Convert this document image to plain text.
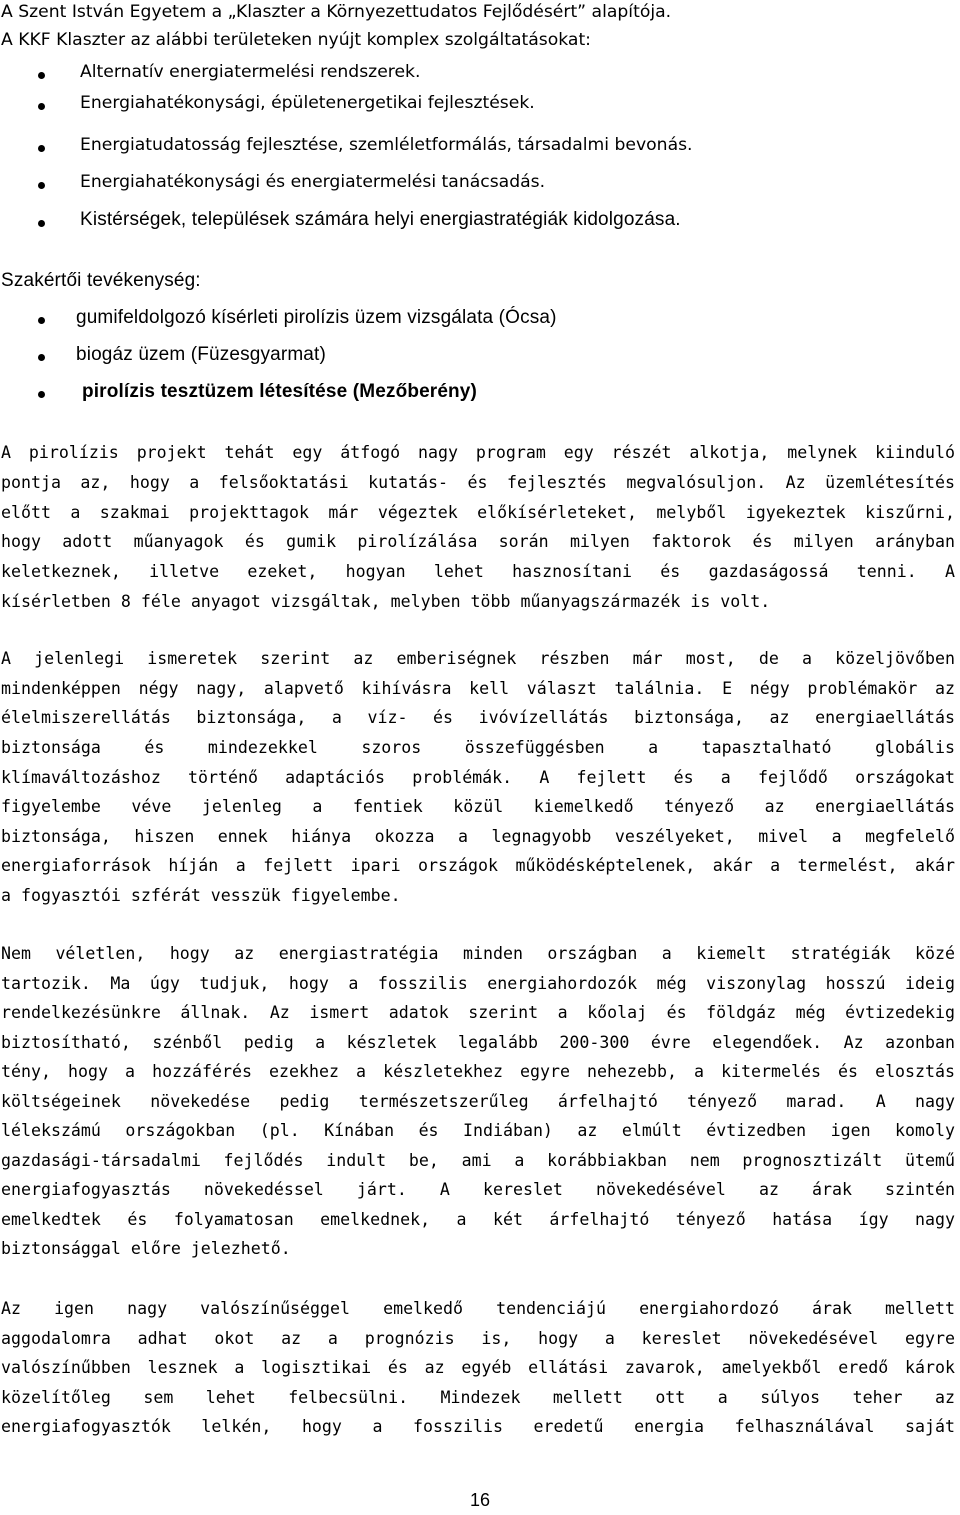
A Szent István Egyetem a „Klaszter a Környezettudatos Fejlődésért” alapítója.
A KKF Klaszter az alábbi területeken nyújt komplex szolgáltatásokat:
Alternatív energiatermelési rendszerek.
Energiahatékonysági, épületenergetikai fejlesztések.
Energiatudatosság fejlesztése, szemléletformálás, társadalmi bevonás.
Energiahatékonysági és energiatermelési tanácsadás.
Kistérségek, települések számára helyi energiastratégiák kidolgozása.
Szakértői tevékenység:
gumifeldolgozó kísérleti pirolízis üzem vizsgálata (Ócsa)
biogáz üzem (Füzesgyarmat)
pirolízis tesztüzem létesítése (Mezőberény)
A pirolízis projekt tehát egy átfogó nagy program egy részét alkotja, melynek kiinduló
pontja az, hogy a felsőoktatási kutatás- és fejlesztés megvalósuljon. Az üzemlétesítés
előtt a szakmai projekttagok már végeztek előkísérleteket, melyből igyekeztek kiszűrni,
hogy adott műanyagok és gumik pirolízálása során milyen faktorok és milyen arányban
keletkeznek, illetve ezeket, hogyan lehet hasznosítani és gazdaságossá tenni. A
kísérletben 8 féle anyagot vizsgáltak, melyben több műanyagszármazék is volt.
A jelenlegi ismeretek szerint az emberiségnek részben már most, de a közeljövőben
mindenképpen négy nagy, alapvető kihívásra kell választ találnia. E négy problémakör az
élelmiszerellátás biztonsága, a víz- és ivóvízellátás biztonsága, az energiaellátás
biztonsága és mindezekkel szoros összefüggésben a tapasztalható globális
klímaváltozáshoz történő adaptációs problémák. A fejlett és a fejlődő országokat
figyelembe véve jelenleg a fentiek közül kiemelkedő tényező az energiaellátás
biztonsága, hiszen ennek hiánya okozza a legnagyobb veszélyeket, mivel a megfelelő
energiaforrások híján a fejlett ipari országok működésképtelenek, akár a termelést, akár
a fogyasztói szférát vesszük figyelembe.
Nem véletlen, hogy az energiastratégia minden országban a kiemelt stratégiák közé
tartozik. Ma úgy tudjuk, hogy a fosszilis energiahordozók még viszonylag hosszú ideig
rendelkezésünkre állnak. Az ismert adatok szerint a kőolaj és földgáz még évtizedekig
biztosítható, szénből pedig a készletek legalább 200-300 évre elegendőek. Az azonban
tény, hogy a hozzáférés ezekhez a készletekhez egyre nehezebb, a kitermelés és elosztás
költségeinek növekedése pedig természetszerűleg árfelhajtó tényező marad. A nagy
lélekszámú országokban (pl. Kínában és Indiában) az elmúlt évtizedben igen komoly
gazdasági-társadalmi fejlődés indult be, ami a korábbiakban nem prognosztizált ütemű
energiafogyasztás növekedéssel járt. A kereslet növekedésével az árak szintén
emelkedtek és folyamatosan emelkednek, a két árfelhajtó tényező hatása így nagy
biztonsággal előre jelezhető.
Az igen nagy valószínűséggel emelkedő tendenciájú energiahordozó árak mellett
aggodalomra adhat okot az a prognózis is, hogy a kereslet növekedésével egyre
valószínűbben lesznek a logisztikai és az egyéb ellátási zavarok, amelyekből eredő károk
közelítőleg sem lehet felbecsülni. Mindezek mellett ott a súlyos teher az
energiafogyasztók lelkén, hogy a fosszilis eredetű energia felhasználával saját
16
